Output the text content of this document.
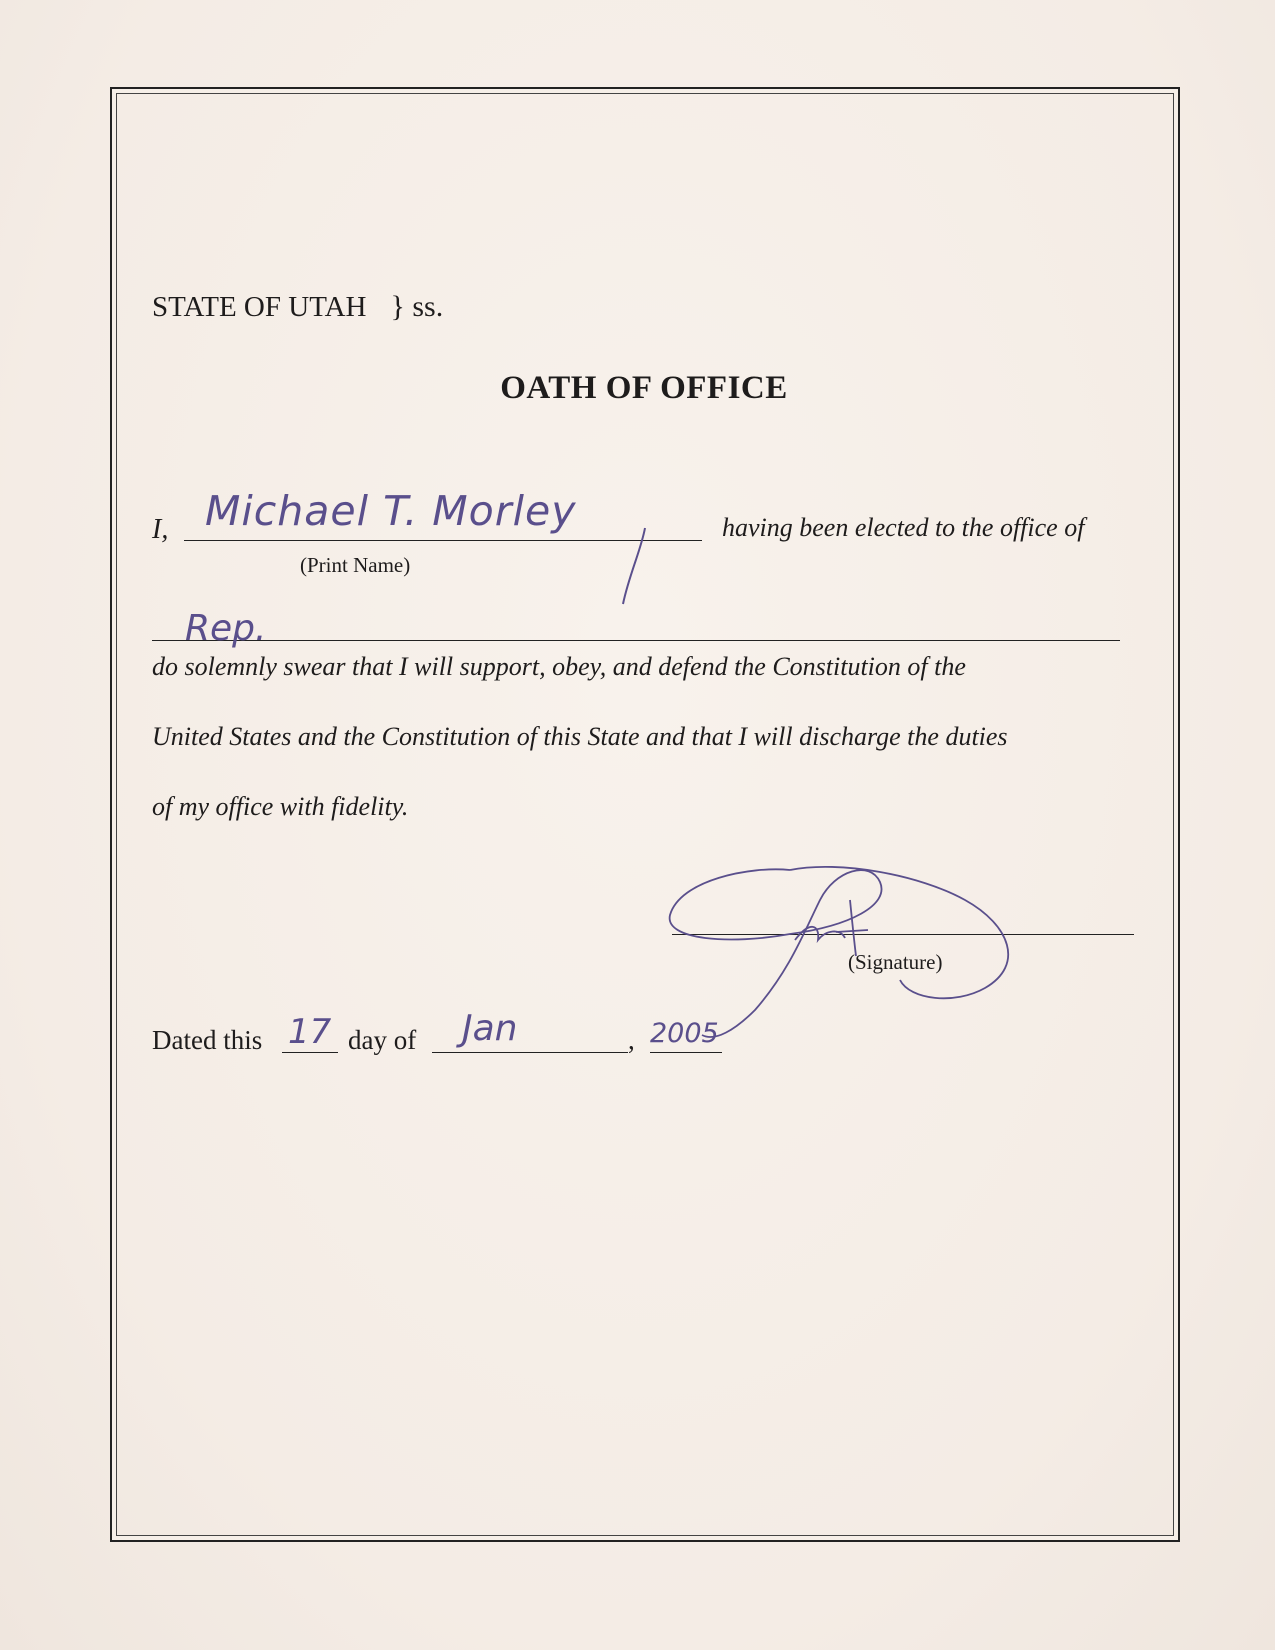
STATE OF UTAH } ss.
OATH OF OFFICE
I, Michael T. Morley
(Print Name)
having been elected to the office of
Rep.
do solemnly swear that I will support, obey, and defend the Constitution of the
United States and the Constitution of this State and that I will discharge the duties
of my office with fidelity.
(Signature)
Dated this 17 day of Jan	, 2005
